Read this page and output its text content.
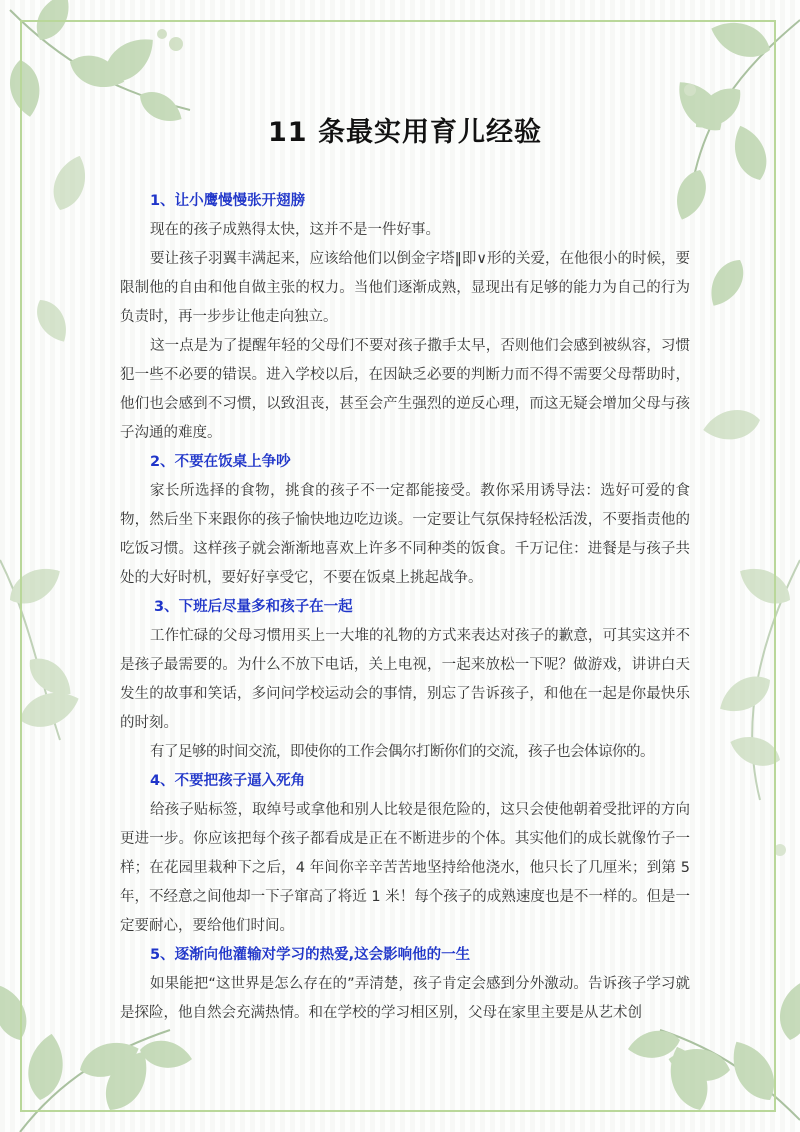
11 条最实用育儿经验

1、让小鹰慢慢张开翅膀

现在的孩子成熟得太快，这并不是一件好事。

要让孩子羽翼丰满起来，应该给他们以倒金字塔‖即∨形的关爱，在他很小的时候，要限制他的自由和他自做主张的权力。当他们逐渐成熟，显现出有足够的能力为自己的行为负责时，再一步步让他走向独立。

这一点是为了提醒年轻的父母们不要对孩子撒手太早，否则他们会感到被纵容，习惯犯一些不必要的错误。进入学校以后，在因缺乏必要的判断力而不得不需要父母帮助时，他们也会感到不习惯，以致沮丧，甚至会产生强烈的逆反心理，而这无疑会增加父母与孩子沟通的难度。

2、不要在饭桌上争吵

家长所选择的食物，挑食的孩子不一定都能接受。教你采用诱导法：选好可爱的食物，然后坐下来跟你的孩子愉快地边吃边谈。一定要让气氛保持轻松活泼，不要指责他的吃饭习惯。这样孩子就会渐渐地喜欢上许多不同种类的饭食。千万记住：进餐是与孩子共处的大好时机，要好好享受它，不要在饭桌上挑起战争。

3、下班后尽量多和孩子在一起

工作忙碌的父母习惯用买上一大堆的礼物的方式来表达对孩子的歉意，可其实这并不是孩子最需要的。为什么不放下电话，关上电视，一起来放松一下呢？做游戏，讲讲白天发生的故事和笑话，多问问学校运动会的事情，别忘了告诉孩子，和他在一起是你最快乐的时刻。

有了足够的时间交流，即使你的工作会偶尔打断你们的交流，孩子也会体谅你的。

4、不要把孩子逼入死角

给孩子贴标签，取绰号或拿他和别人比较是很危险的，这只会使他朝着受批评的方向更进一步。你应该把每个孩子都看成是正在不断进步的个体。其实他们的成长就像竹子一样；在花园里栽种下之后，4 年间你辛辛苦苦地坚持给他浇水，他只长了几厘米；到第 5 年，不经意之间他却一下子窜高了将近 1 米！每个孩子的成熟速度也是不一样的。但是一定要耐心，要给他们时间。

5、逐渐向他灌输对学习的热爱,这会影响他的一生

如果能把“这世界是怎么存在的”弄清楚，孩子肯定会感到分外激动。告诉孩子学习就是探险，他自然会充满热情。和在学校的学习相区别，父母在家里主要是从艺术创
